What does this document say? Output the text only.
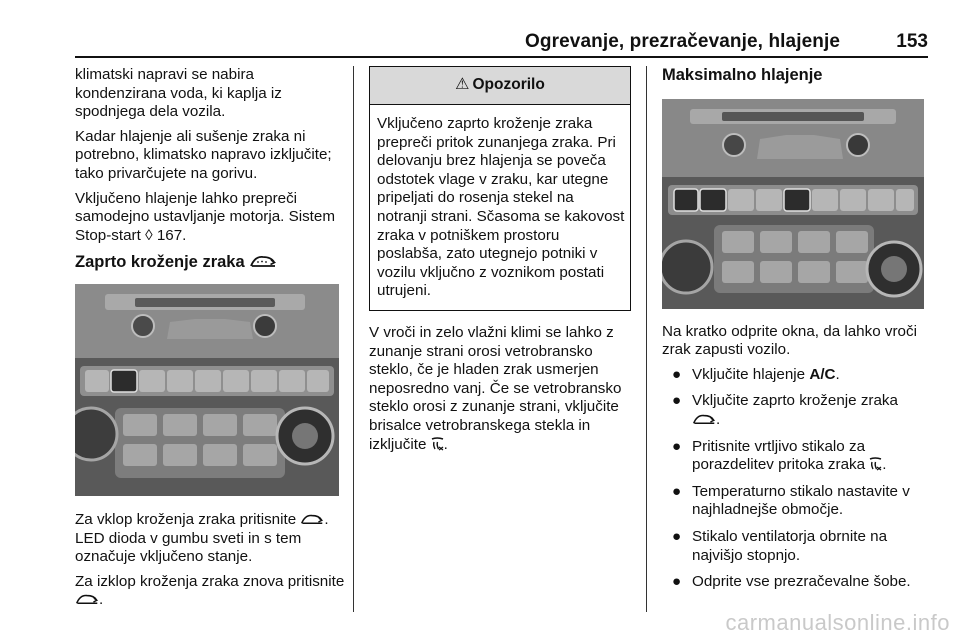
Ogrevanje, prezračevanje, hlajenje	153

klimatski napravi se nabira kondenzirana voda, ki kaplja iz spodnjega dela vozila.

Kadar hlajenje ali sušenje zraka ni potrebno, klimatsko napravo izključite; tako privarčujete na gorivu.

Vključeno hlajenje lahko prepreči samodejno ustavljanje motorja. Sistem Stop-start ◊ 167.

Zaprto kroženje zraka

Za vklop kroženja zraka pritisnite . LED dioda v gumbu sveti in s tem označuje vključeno stanje.

Za izklop kroženja zraka znova pritisnite .

⚠ Opozorilo
Vključeno zaprto kroženje zraka prepreči pritok zunanjega zraka. Pri delovanju brez hlajenja se poveča odstotek vlage v zraku, kar utegne pripeljati do rosenja stekel na notranji strani. Sčasoma se kakovost zraka v potniškem prostoru poslabša, zato utegnejo potniki v vozilu vključno z voznikom postati utrujeni.

V vroči in zelo vlažni klimi se lahko z zunanje strani orosi vetrobransko steklo, če je hladen zrak usmerjen neposredno vanj. Če se vetrobransko steklo orosi z zunanje strani, vključite brisalce vetrobranskega stekla in izključite .

Maksimalno hlajenje

Na kratko odprite okna, da lahko vroči zrak zapusti vozilo.

● Vključite hlajenje A/C.
● Vključite zaprto kroženje zraka
.
● Pritisnite vrtljivo stikalo za porazdelitev pritoka zraka .
● Temperaturno stikalo nastavite v najhladnejše območje.
● Stikalo ventilatorja obrnite na najvišjo stopnjo.
● Odprite vse prezračevalne šobe.
carmanualsonline.info
